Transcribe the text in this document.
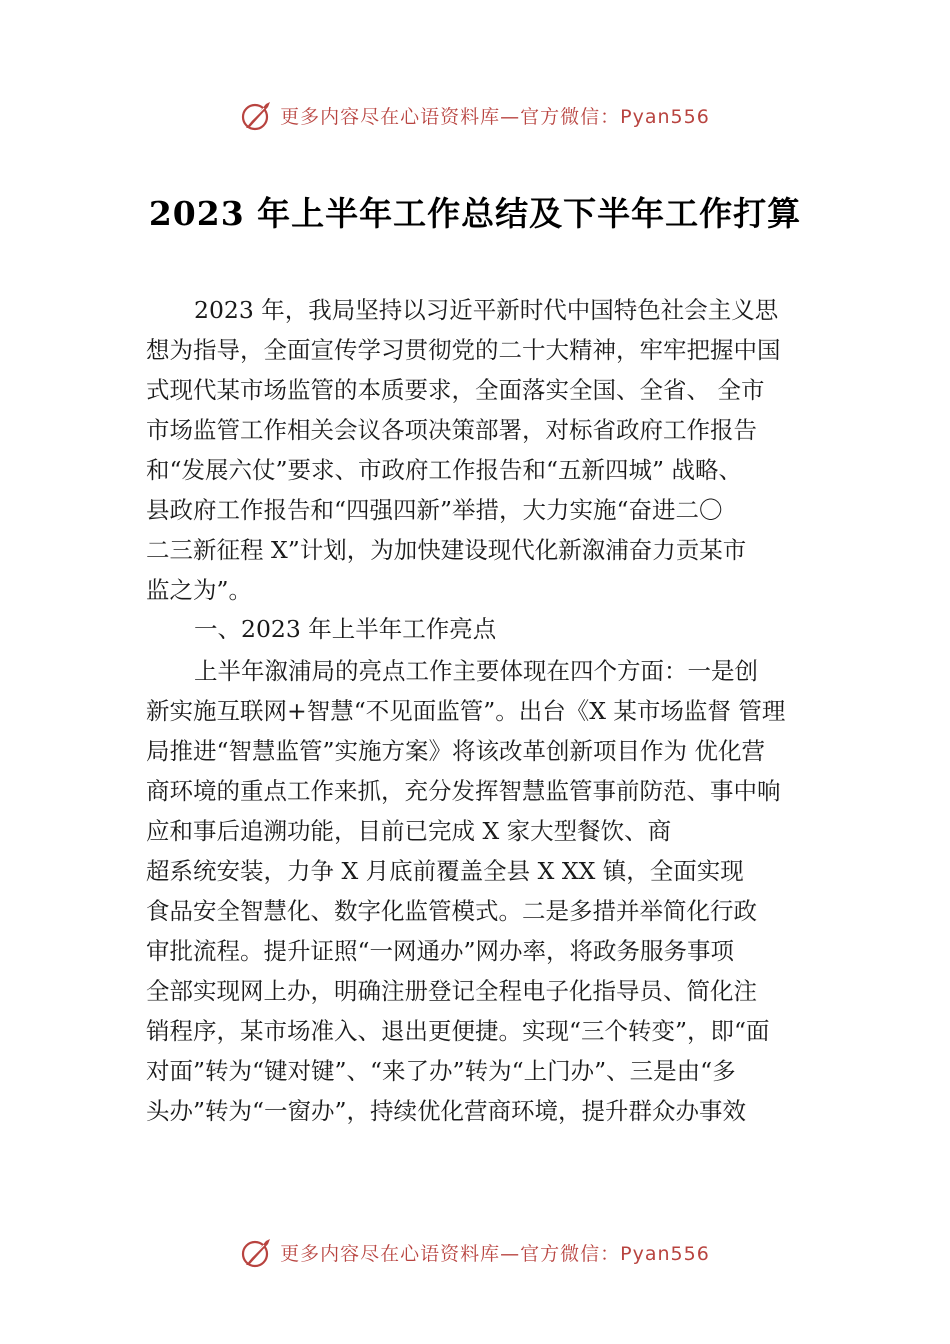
更多内容尽在心语资料库—官方微信：Pyan556
2023 年上半年工作总结及下半年工作打算
2023 年，我局坚持以习近平新时代中国特色社会主义思
想为指导，全面宣传学习贯彻党的二十大精神，牢牢把握中国
式现代某市场监管的本质要求，全面落实全国、全省、 全市
市场监管工作相关会议各项决策部署，对标省政府工作报告
和“发展六仗”要求、市政府工作报告和“五新四城” 战略、
县政府工作报告和“四强四新”举措，大力实施“奋进二〇
二三新征程 X”计划，为加快建设现代化新溆浦奋力贡某市
监之为”。
一、2023 年上半年工作亮点
上半年溆浦局的亮点工作主要体现在四个方面：一是创
新实施互联网+智慧“不见面监管”。出台《X 某市场监督 管理
局推进“智慧监管”实施方案》将该改革创新项目作为 优化营
商环境的重点工作来抓，充分发挥智慧监管事前防范、事中响
应和事后追溯功能，目前已完成 X 家大型餐饮、商
超系统安装，力争 X 月底前覆盖全县 X XX 镇，全面实现
食品安全智慧化、数字化监管模式。二是多措并举简化行政
审批流程。提升证照“一网通办”网办率，将政务服务事项
全部实现网上办，明确注册登记全程电子化指导员、简化注
销程序，某市场准入、退出更便捷。实现“三个转变”，即“面
对面”转为“键对键”、“来了办”转为“上门办”、三是由“多
头办”转为“一窗办”，持续优化营商环境，提升群众办事效
更多内容尽在心语资料库—官方微信：Pyan556
